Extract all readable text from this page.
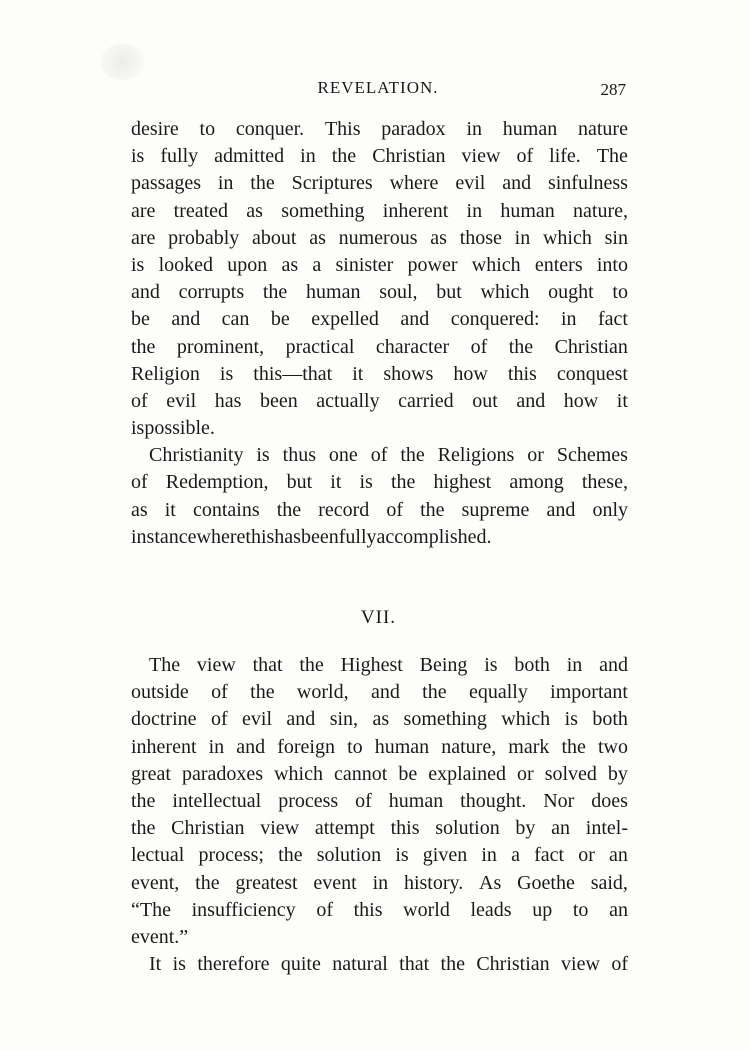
REVELATION.	287
desire to conquer. This paradox in human nature
is fully admitted in the Christian view of life. The
passages in the Scriptures where evil and sinfulness
are treated as something inherent in human nature,
are probably about as numerous as those in which sin
is looked upon as a sinister power which enters into
and corrupts the human soul, but which ought to
be and can be expelled and conquered: in fact
the prominent, practical character of the Christian
Religion is this—that it shows how this conquest
of evil has been actually carried out and how it
is possible.
Christianity is thus one of the Religions or Schemes
of Redemption, but it is the highest among these,
as it contains the record of the supreme and only
instance where this has been fully accomplished.
VII.
The view that the Highest Being is both in and
outside of the world, and the equally important
doctrine of evil and sin, as something which is both
inherent in and foreign to human nature, mark the two
great paradoxes which cannot be explained or solved by
the intellectual process of human thought. Nor does
the Christian view attempt this solution by an intel-
lectual process; the solution is given in a fact or an
event, the greatest event in history. As Goethe said,
“The insufficiency of this world leads up to an
event.”
It is therefore quite natural that the Christian view of
